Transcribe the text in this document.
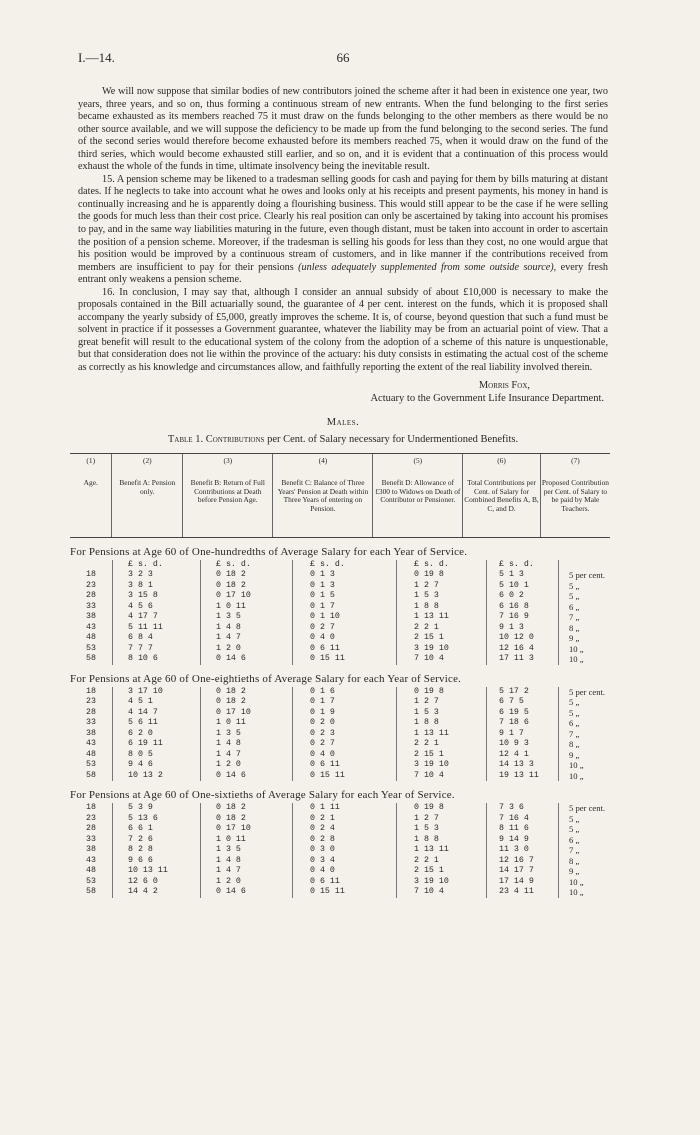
I.—14.	66

We will now suppose that similar bodies of new contributors joined the scheme after it had been in existence one year, two years, three years, and so on, thus forming a continuous stream of new entrants. When the fund belonging to the first series became exhausted as its members reached 75 it must draw on the funds belonging to the other members as there would be no other source available, and we will suppose the deficiency to be made up from the fund belonging to the second series. The fund of the second series would therefore become exhausted before its members reached 75, when it would draw on the fund of the third series, which would become exhausted still earlier, and so on, and it is evident that a continuation of this process would exhaust the whole of the funds in time, ultimate insolvency being the inevitable result.

15. A pension scheme may be likened to a tradesman selling goods for cash and paying for them by bills maturing at distant dates. If he neglects to take into account what he owes and looks only at his receipts and present payments, his money in hand is continually increasing and he is apparently doing a flourishing business. This would still appear to be the case if he were selling the goods for much less than their cost price. Clearly his real position can only be ascertained by taking into account his promises to pay, and in the same way liabilities maturing in the future, even though distant, must be taken into account in order to ascertain the position of a pension scheme. Moreover, if the tradesman is selling his goods for less than they cost, no one would argue that his position would be improved by a continuous stream of customers, and in like manner if the contributions received from members are insufficient to pay for their pensions (unless adequately supplemented from some outside source), every fresh entrant only weakens a pension scheme.

16. In conclusion, I may say that, although I consider an annual subsidy of about £10,000 is necessary to make the proposals contained in the Bill actuarially sound, the guarantee of 4 per cent. interest on the funds, which it is proposed shall accompany the yearly subsidy of £5,000, greatly improves the scheme. It is, of course, beyond question that such a fund must be solvent in practice if it possesses a Government guarantee, whatever the liability may be from an actuarial point of view. That a great benefit will result to the educational system of the colony from the adoption of a scheme of this nature is unquestionable, but that consideration does not lie within the province of the actuary: his duty consists in estimating the actual cost of the scheme as correctly as his knowledge and circumstances allow, and faithfully reporting the extent of the real liability involved therein.

Morris Fox,
Actuary to the Government Life Insurance Department.
Males.
Table 1. Contributions per Cent. of Salary necessary for Undermentioned Benefits.
(1)
Age.	
(2)
Benefit A: Pension only.	
(3)
Benefit B: Return of Full Contributions at Death before Pension Age.	
(4)
Benefit C: Balance of Three Years' Pension at Death within Three Years of entering on Pension.	
(5)
Benefit D: Allowance of £300 to Widows on Death of Contributor or Pensioner.	
(6)
Total Contributions per Cent. of Salary for Combined Benefits A, B, C, and D.	
(7)
Proposed Contribution per Cent. of Salary to be paid by Male Teachers.
For Pensions at Age 60 of One-hundredths of Average Salary for each Year of Service.
£ s. d.	£ s. d.	£ s. d.	£ s. d.	£ s. d.
18	3 2 3	0 18 2	0 1 3	0 19 8	5 1 3	5 per cent.
23	3 8 1	0 18 2	0 1 3	1 2 7	5 10 1	5 „
28	3 15 8	0 17 10	0 1 5	1 5 3	6 0 2	5 „
33	4 5 6	1 0 11	0 1 7	1 8 8	6 16 8	6 „
38	4 17 7	1 3 5	0 1 10	1 13 11	7 16 9	7 „
43	5 11 11	1 4 8	0 2 7	2 2 1	9 1 3	8 „
48	6 8 4	1 4 7	0 4 0	2 15 1	10 12 0	9 „
53	7 7 7	1 2 0	0 6 11	3 19 10	12 16 4	10 „
58	8 10 6	0 14 6	0 15 11	7 10 4	17 11 3	10 „
For Pensions at Age 60 of One-eightieths of Average Salary for each Year of Service.
18	3 17 10	0 18 2	0 1 6	0 19 8	5 17 2	5 per cent.
23	4 5 1	0 18 2	0 1 7	1 2 7	6 7 5	5 „
28	4 14 7	0 17 10	0 1 9	1 5 3	6 19 5	5 „
33	5 6 11	1 0 11	0 2 0	1 8 8	7 18 6	6 „
38	6 2 0	1 3 5	0 2 3	1 13 11	9 1 7	7 „
43	6 19 11	1 4 8	0 2 7	2 2 1	10 9 3	8 „
48	8 0 5	1 4 7	0 4 0	2 15 1	12 4 1	9 „
53	9 4 6	1 2 0	0 6 11	3 19 10	14 13 3	10 „
58	10 13 2	0 14 6	0 15 11	7 10 4	19 13 11	10 „
For Pensions at Age 60 of One-sixtieths of Average Salary for each Year of Service.
18	5 3 9	0 18 2	0 1 11	0 19 8	7 3 6	5 per cent.
23	5 13 6	0 18 2	0 2 1	1 2 7	7 16 4	5 „
28	6 6 1	0 17 10	0 2 4	1 5 3	8 11 6	5 „
33	7 2 6	1 0 11	0 2 8	1 8 8	9 14 9	6 „
38	8 2 8	1 3 5	0 3 0	1 13 11	11 3 0	7 „
43	9 6 6	1 4 8	0 3 4	2 2 1	12 16 7	8 „
48	10 13 11	1 4 7	0 4 0	2 15 1	14 17 7	9 „
53	12 6 0	1 2 0	0 6 11	3 19 10	17 14 9	10 „
58	14 4 2	0 14 6	0 15 11	7 10 4	23 4 11	10 „
